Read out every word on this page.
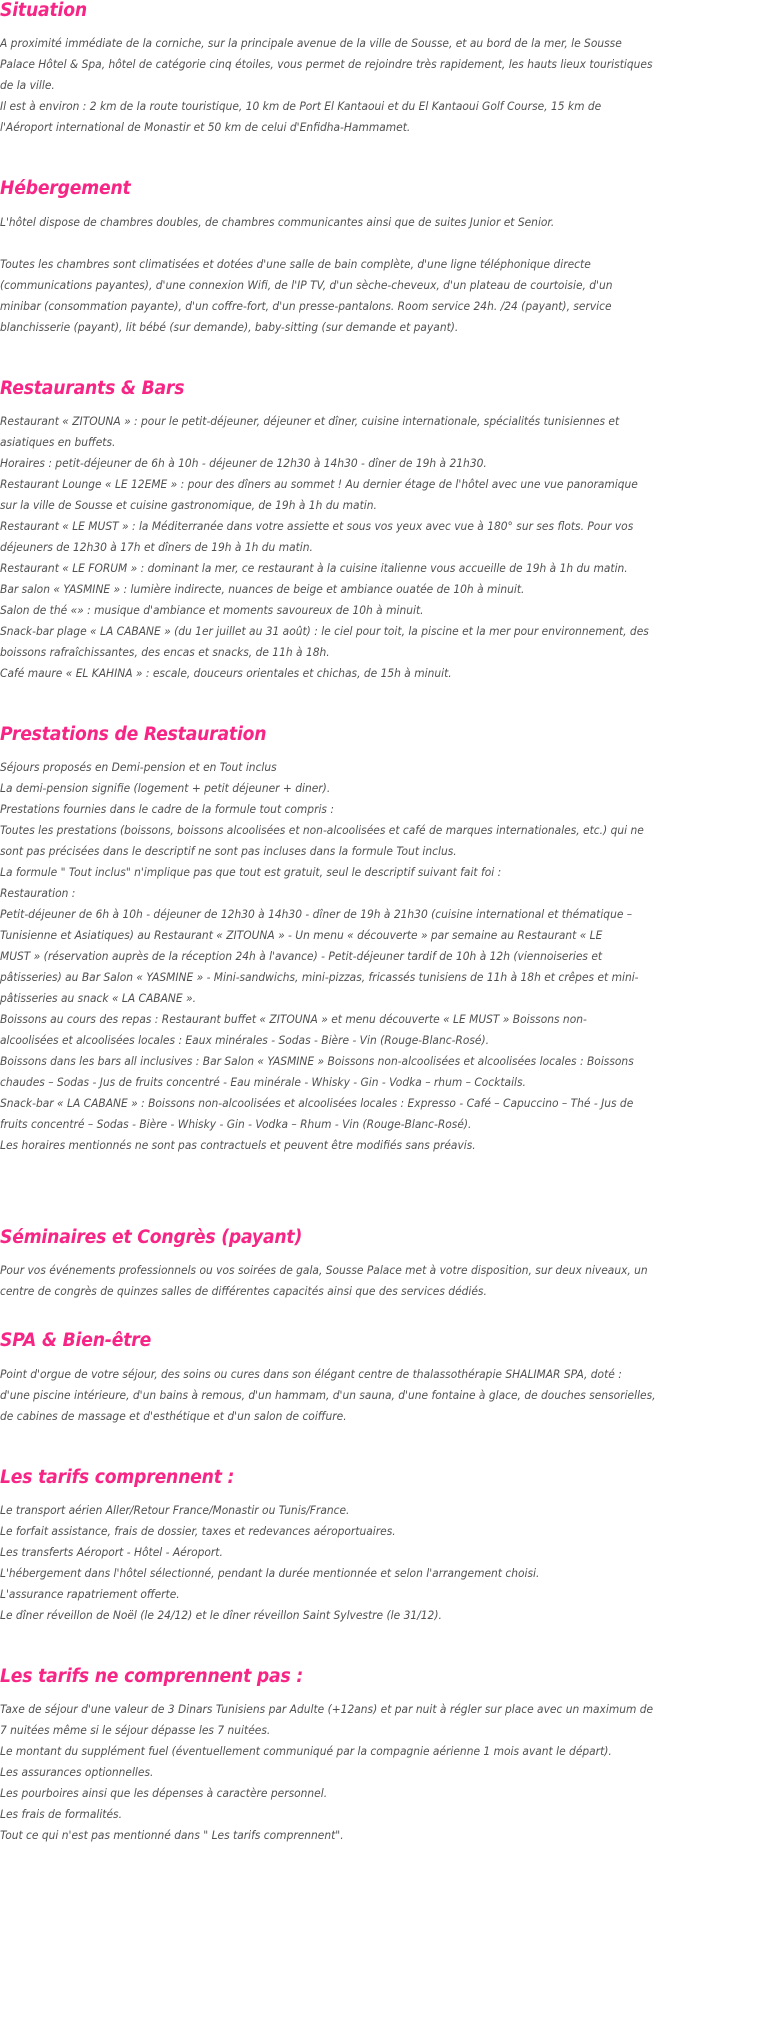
Situation

A proximité immédiate de la corniche, sur la principale avenue de la ville de Sousse, et au bord de la mer, le Sousse

Palace Hôtel & Spa, hôtel de catégorie cinq étoiles, vous permet de rejoindre très rapidement, les hauts lieux touristiques

de la ville.

Il est à environ : 2 km de la route touristique, 10 km de Port El Kantaoui et du El Kantaoui Golf Course, 15 km de

l'Aéroport international de Monastir et 50 km de celui d'Enfidha-Hammamet.

Hébergement

L'hôtel dispose de chambres doubles, de chambres communicantes ainsi que de suites Junior et Senior.

Toutes les chambres sont climatisées et dotées d'une salle de bain complète, d'une ligne téléphonique directe

(communications payantes), d'une connexion Wifi, de l'IP TV, d'un sèche-cheveux, d'un plateau de courtoisie, d'un

minibar (consommation payante), d'un coffre-fort, d'un presse-pantalons. Room service 24h. /24 (payant), service

blanchisserie (payant), lit bébé (sur demande), baby-sitting (sur demande et payant).

Restaurants & Bars

Restaurant « ZITOUNA » : pour le petit-déjeuner, déjeuner et dîner, cuisine internationale, spécialités tunisiennes et

asiatiques en buffets.

Horaires : petit-déjeuner de 6h à 10h - déjeuner de 12h30 à 14h30 - dîner de 19h à 21h30.

Restaurant Lounge « LE 12EME » : pour des dîners au sommet ! Au dernier étage de l'hôtel avec une vue panoramique

sur la ville de Sousse et cuisine gastronomique, de 19h à 1h du matin.

Restaurant « LE MUST » : la Méditerranée dans votre assiette et sous vos yeux avec vue à 180° sur ses flots. Pour vos

déjeuners de 12h30 à 17h et dîners de 19h à 1h du matin.

Restaurant « LE FORUM » : dominant la mer, ce restaurant à la cuisine italienne vous accueille de 19h à 1h du matin.

Bar salon « YASMINE » : lumière indirecte, nuances de beige et ambiance ouatée de 10h à minuit.

Salon de thé «» : musique d'ambiance et moments savoureux de 10h à minuit.

Snack-bar plage « LA CABANE » (du 1er juillet au 31 août) : le ciel pour toit, la piscine et la mer pour environnement, des

boissons rafraîchissantes, des encas et snacks, de 11h à 18h.

Café maure « EL KAHINA » : escale, douceurs orientales et chichas, de 15h à minuit.

Prestations de Restauration

Séjours proposés en Demi-pension et en Tout inclus

La demi-pension signifie (logement + petit déjeuner + diner).

Prestations fournies dans le cadre de la formule tout compris :

Toutes les prestations (boissons, boissons alcoolisées et non-alcoolisées et café de marques internationales, etc.) qui ne

sont pas précisées dans le descriptif ne sont pas incluses dans la formule Tout inclus.

La formule " Tout inclus" n'implique pas que tout est gratuit, seul le descriptif suivant fait foi :

Restauration :

Petit-déjeuner de 6h à 10h - déjeuner de 12h30 à 14h30 - dîner de 19h à 21h30 (cuisine international et thématique –

Tunisienne et Asiatiques) au Restaurant « ZITOUNA » - Un menu « découverte » par semaine au Restaurant « LE

MUST » (réservation auprès de la réception 24h à l'avance) - Petit-déjeuner tardif de 10h à 12h (viennoiseries et

pâtisseries) au Bar Salon « YASMINE » - Mini-sandwichs, mini-pizzas, fricassés tunisiens de 11h à 18h et crêpes et mini-

pâtisseries au snack « LA CABANE ».

Boissons au cours des repas : Restaurant buffet « ZITOUNA » et menu découverte « LE MUST » Boissons non-

alcoolisées et alcoolisées locales : Eaux minérales - Sodas - Bière - Vin (Rouge-Blanc-Rosé).

Boissons dans les bars all inclusives : Bar Salon « YASMINE » Boissons non-alcoolisées et alcoolisées locales : Boissons

chaudes – Sodas - Jus de fruits concentré - Eau minérale - Whisky - Gin - Vodka – rhum – Cocktails.

Snack-bar « LA CABANE » : Boissons non-alcoolisées et alcoolisées locales : Expresso - Café – Capuccino – Thé - Jus de

fruits concentré – Sodas - Bière - Whisky - Gin - Vodka – Rhum - Vin (Rouge-Blanc-Rosé).

Les horaires mentionnés ne sont pas contractuels et peuvent être modifiés sans préavis.

Séminaires et Congrès (payant)

Pour vos événements professionnels ou vos soirées de gala, Sousse Palace met à votre disposition, sur deux niveaux, un

centre de congrès de quinzes salles de différentes capacités ainsi que des services dédiés.

SPA & Bien-être

Point d'orgue de votre séjour, des soins ou cures dans son élégant centre de thalassothérapie SHALIMAR SPA, doté :

d'une piscine intérieure, d'un bains à remous, d'un hammam, d'un sauna, d'une fontaine à glace, de douches sensorielles,

de cabines de massage et d'esthétique et d'un salon de coiffure.

Les tarifs comprennent :

Le transport aérien Aller/Retour France/Monastir ou Tunis/France.

Le forfait assistance, frais de dossier, taxes et redevances aéroportuaires.

Les transferts Aéroport - Hôtel - Aéroport.

L'hébergement dans l'hôtel sélectionné, pendant la durée mentionnée et selon l'arrangement choisi.

L'assurance rapatriement offerte.

Le dîner réveillon de Noël (le 24/12) et le dîner réveillon Saint Sylvestre (le 31/12).

Les tarifs ne comprennent pas :

Taxe de séjour d'une valeur de 3 Dinars Tunisiens par Adulte (+12ans) et par nuit à régler sur place avec un maximum de

7 nuitées même si le séjour dépasse les 7 nuitées.

Le montant du supplément fuel (éventuellement communiqué par la compagnie aérienne 1 mois avant le départ).

Les assurances optionnelles.

Les pourboires ainsi que les dépenses à caractère personnel.

Les frais de formalités.

Tout ce qui n'est pas mentionné dans " Les tarifs comprennent".
